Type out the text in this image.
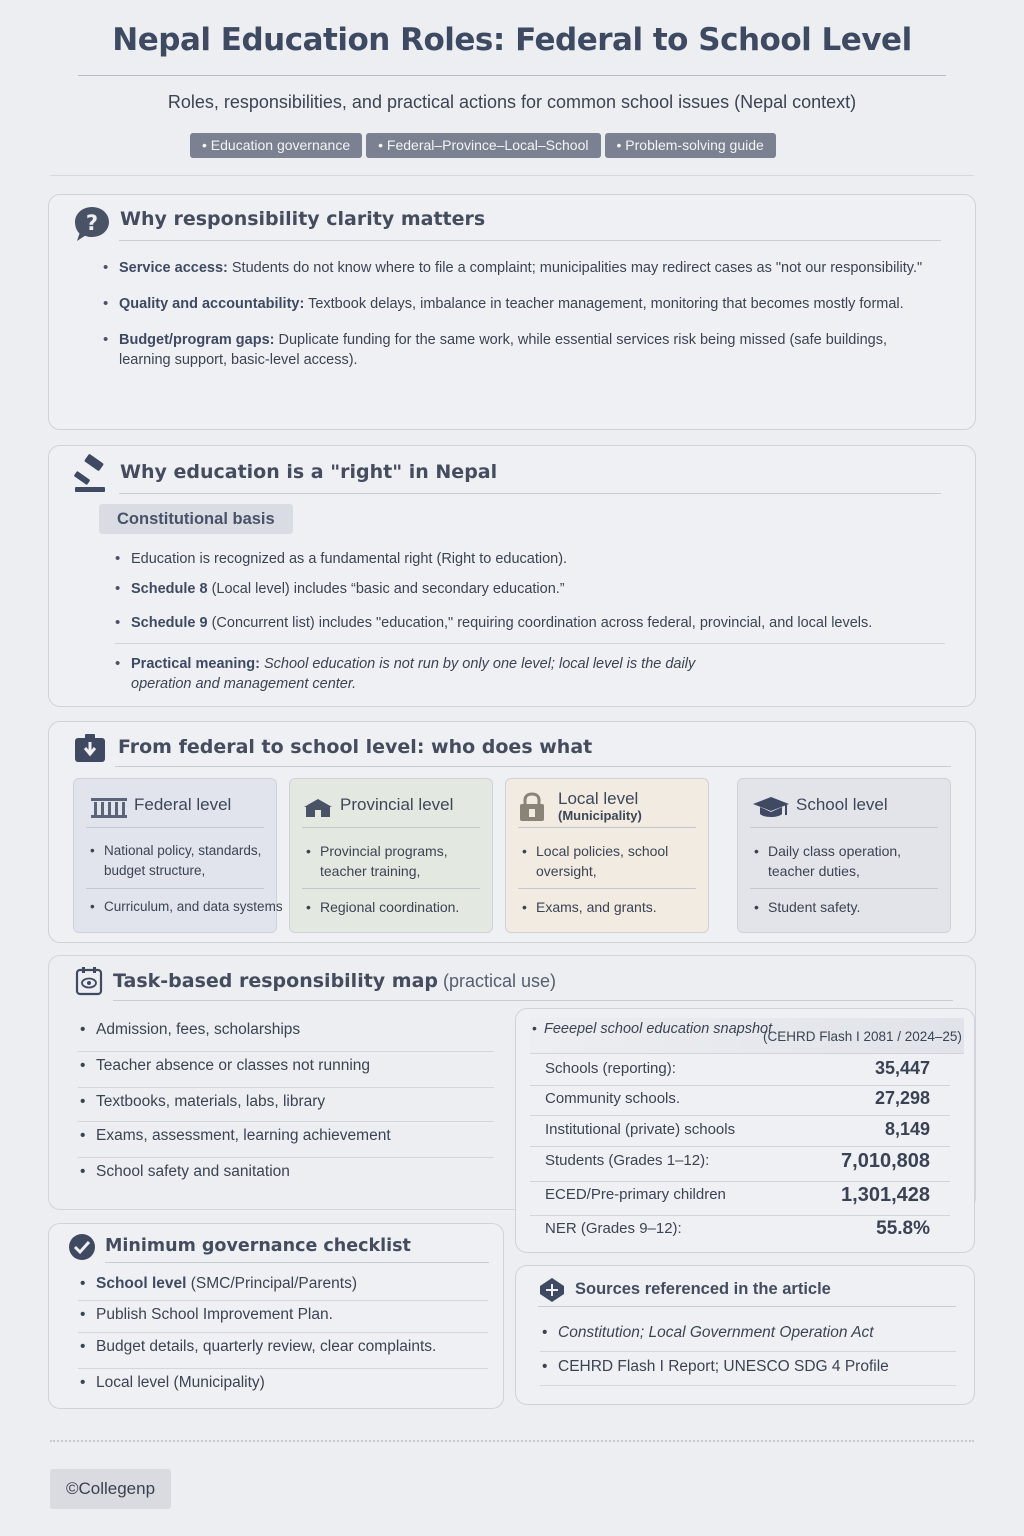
Nepal Education Roles: Federal to School Level
Roles, responsibilities, and practical actions for common school issues (Nepal context)
• Education governance	• Federal–Province–Local–School	• Problem-solving guide
? Why responsibility clarity matters
• Service access: Students do not know where to file a complaint; municipalities may redirect cases as "not our responsibility."
• Quality and accountability: Textbook delays, imbalance in teacher management, monitoring that becomes mostly formal.
• Budget/program gaps: Duplicate funding for the same work, while essential services risk being missed (safe buildings, learning support, basic-level access).
Why education is a "right" in Nepal
Constitutional basis
• Education is recognized as a fundamental right (Right to education).
• Schedule 8 (Local level) includes “basic and secondary education.”
• Schedule 9 (Concurrent list) includes "education," requiring coordination across federal, provincial, and local levels.
• Practical meaning: School education is not run by only one level; local level is the daily operation and management center.
From federal to school level: who does what
Federal level
• National policy, standards, budget structure,
• Curriculum, and data systems
Provincial level
• Provincial programs, teacher training,
• Regional coordination.
Local level
(Municipality)
• Local policies, school oversight,
• Exams, and grants.
School level
• Daily class operation, teacher duties,
• Student safety.
Task-based responsibility map (practical use)
• Admission, fees, scholarships
• Teacher absence or classes not running
• Textbooks, materials, labs, library
• Exams, assessment, learning achievement
• School safety and sanitation
• Feeepel school education snapshot
(CEHRD Flash I 2081 / 2024–25)
Schools (reporting):	35,447
Community schools.	27,298
Institutional (private) schools	8,149
Students (Grades 1–12):	7,010,808
ECED/Pre-primary children	1,301,428
NER (Grades 9–12):	55.8%
Minimum governance checklist
• School level (SMC/Principal/Parents)
• Publish School Improvement Plan.
• Budget details, quarterly review, clear complaints.
• Local level (Municipality)
Sources referenced in the article
• Constitution; Local Government Operation Act
• CEHRD Flash I Report; UNESCO SDG 4 Profile
©Collegenp
